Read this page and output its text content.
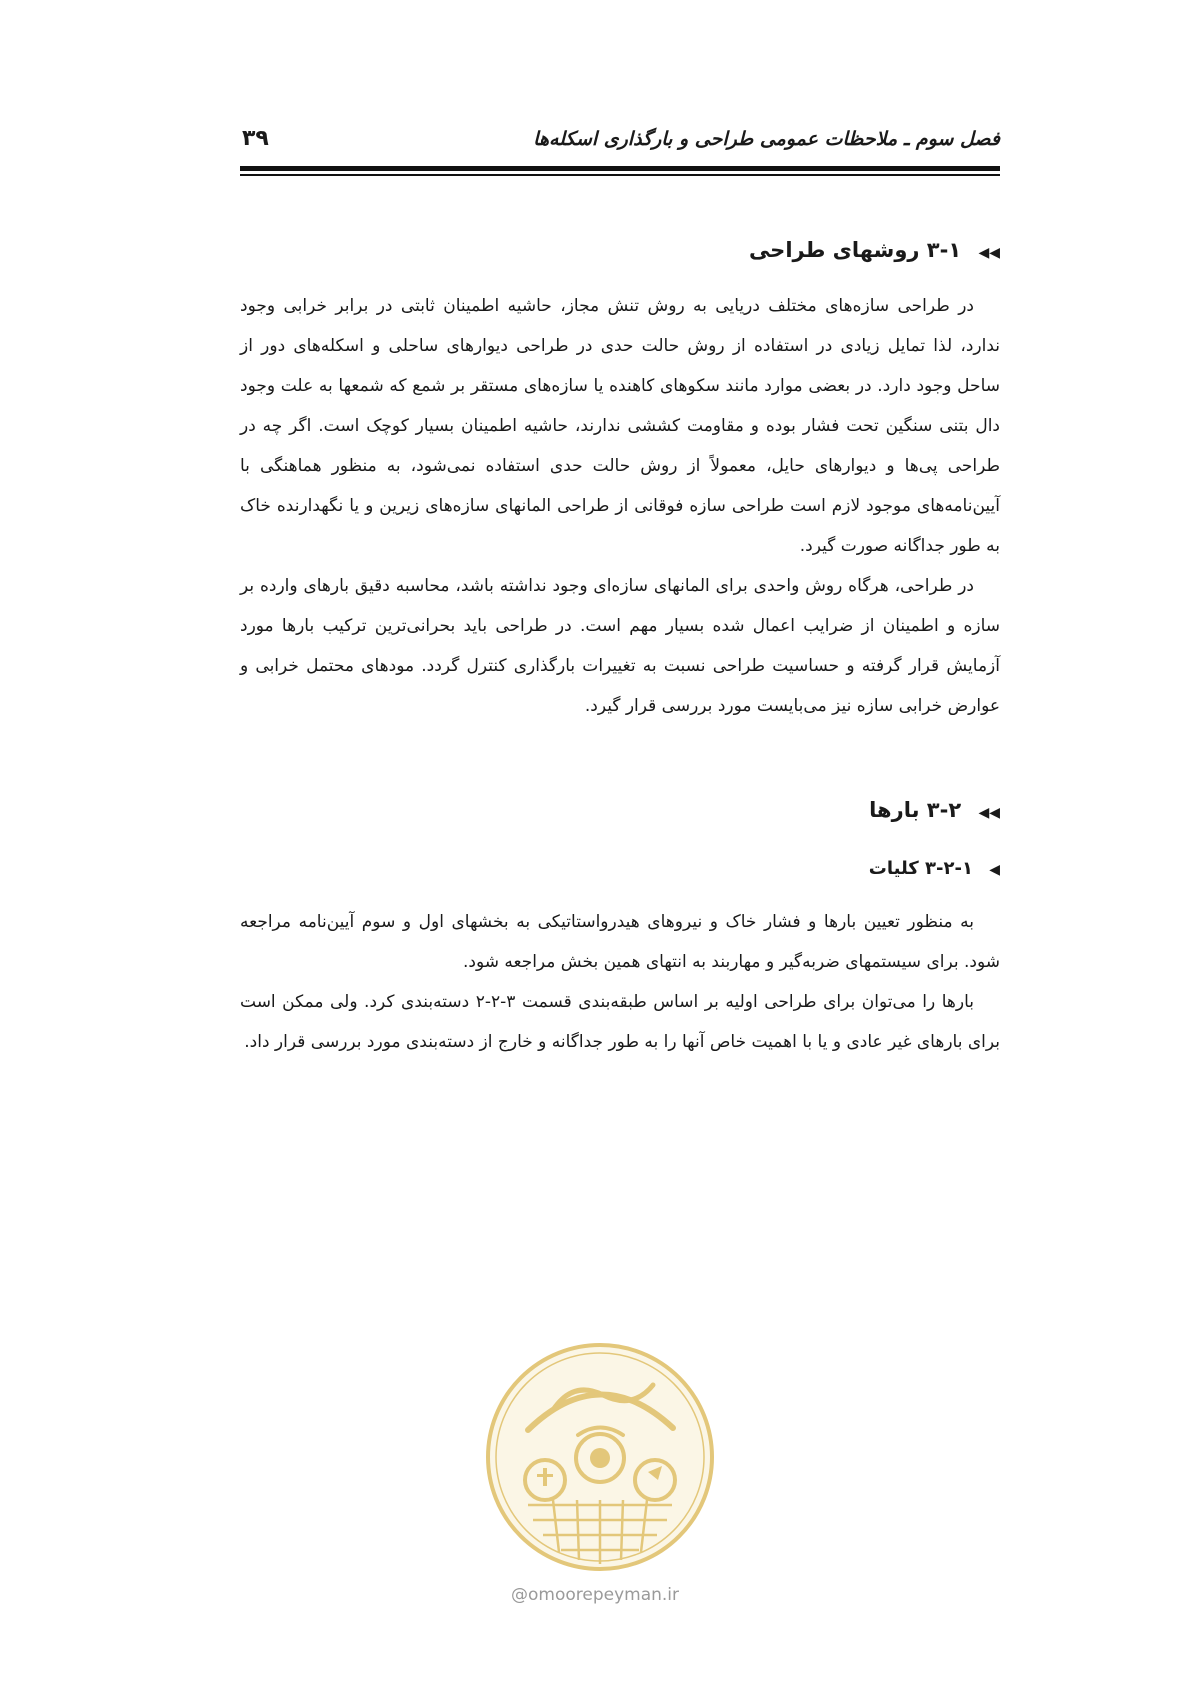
فصل سوم ـ ملاحظات عمومی طراحی و بارگذاری اسکله‌ها
۳۹
◀◀ ۳-۱ روشهای طراحی

در طراحی سازه‌های مختلف دریایی به روش تنش مجاز، حاشیه اطمینان ثابتی در برابر خرابی وجود ندارد، لذا تمایل زیادی در استفاده از روش حالت حدی در طراحی دیوارهای ساحلی و اسکله‌های دور از ساحل وجود دارد. در بعضی موارد مانند سکوهای کاهنده یا سازه‌های مستقر بر شمع که شمعها به علت وجود دال بتنی سنگین تحت فشار بوده و مقاومت کششی ندارند، حاشیه اطمینان بسیار کوچک است. اگر چه در طراحی پی‌ها و دیوارهای حایل، معمولاً از روش حالت حدی استفاده نمی‌شود، به منظور هماهنگی با آیین‌نامه‌های موجود لازم است طراحی سازه فوقانی از طراحی المانهای سازه‌های زیرین و یا نگهدارنده خاک به طور جداگانه صورت گیرد.

در طراحی، هرگاه روش واحدی برای المانهای سازه‌ای وجود نداشته باشد، محاسبه دقیق بارهای وارده بر سازه و اطمینان از ضرایب اعمال شده بسیار مهم است. در طراحی باید بحرانی‌ترین ترکیب بارها مورد آزمایش قرار گرفته و حساسیت طراحی نسبت به تغییرات بارگذاری کنترل گردد. مودهای محتمل خرابی و عوارض خرابی سازه نیز می‌بایست مورد بررسی قرار گیرد.

◀◀ ۳-۲ بارها
◀ ۳-۲-۱ کلیات

به منظور تعیین بارها و فشار خاک و نیروهای هیدرواستاتیکی به بخشهای اول و سوم آیین‌نامه مراجعه شود. برای سیستمهای ضربه‌گیر و مهاربند به انتهای همین بخش مراجعه شود.

بارها را می‌توان برای طراحی اولیه بر اساس طبقه‌بندی قسمت ۳-۲-۲ دسته‌بندی کرد. ولی ممکن است برای بارهای غیر عادی و یا با اهمیت خاص آنها را به طور جداگانه و خارج از دسته‌بندی مورد بررسی قرار داد.

@omoorepeyman.ir
